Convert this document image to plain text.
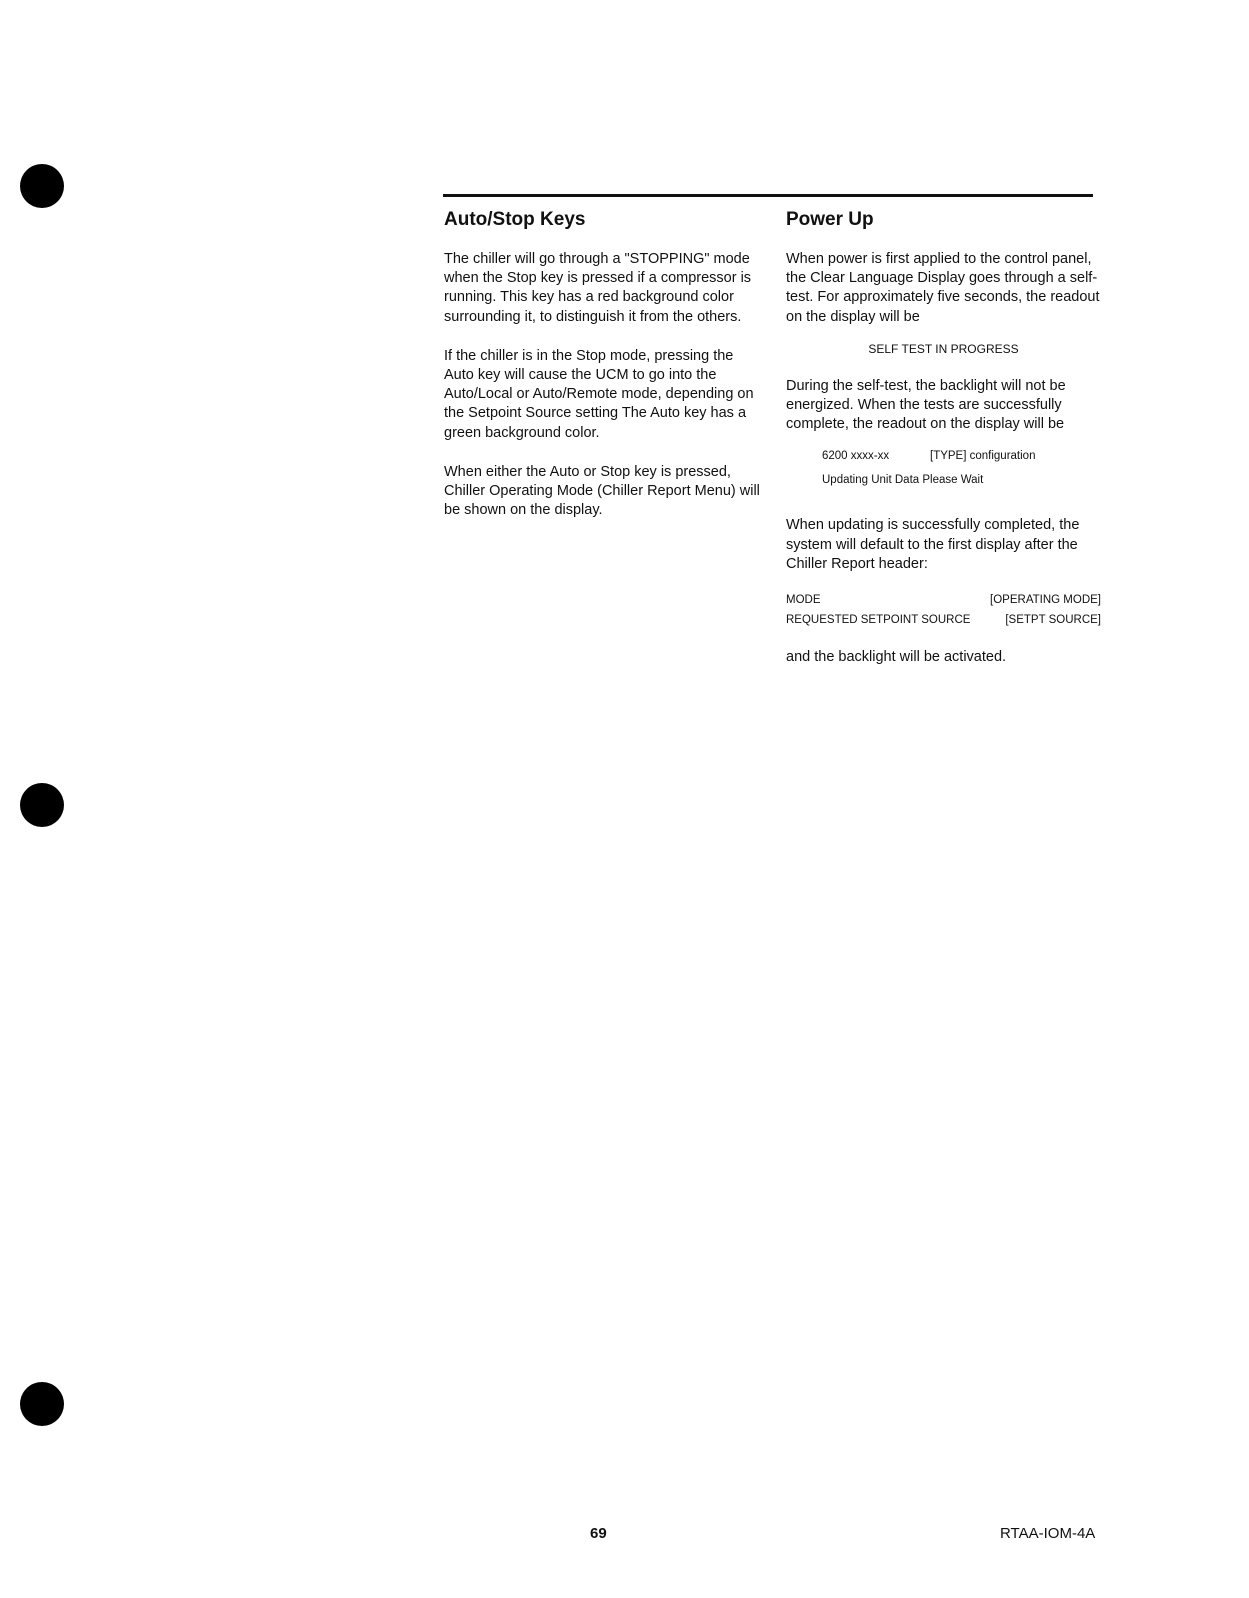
Auto/Stop Keys

The chiller will go through a "STOPPING" mode when the Stop key is pressed if a compressor is running. This key has a red background color surrounding it, to distinguish it from the others.

If the chiller is in the Stop mode, pressing the Auto key will cause the UCM to go into the Auto/Local or Auto/Remote mode, depending on the Setpoint Source setting The Auto key has a green background color.

When either the Auto or Stop key is pressed, Chiller Operating Mode (Chiller Report Menu) will be shown on the display.

Power Up

When power is first applied to the control panel, the Clear Language Display goes through a self-test. For approximately five seconds, the readout on the display will be

SELF TEST IN PROGRESS

During the self-test, the backlight will not be energized. When the tests are successfully complete, the readout on the display will be

6200 xxxx-xx	[TYPE] configuration
Updating Unit Data Please Wait

When updating is successfully completed, the system will default to the first display after the Chiller Report header:

MODE	[OPERATING MODE]
REQUESTED SETPOINT SOURCE	[SETPT SOURCE]

and the backlight will be activated.

69	RTAA-IOM-4A
